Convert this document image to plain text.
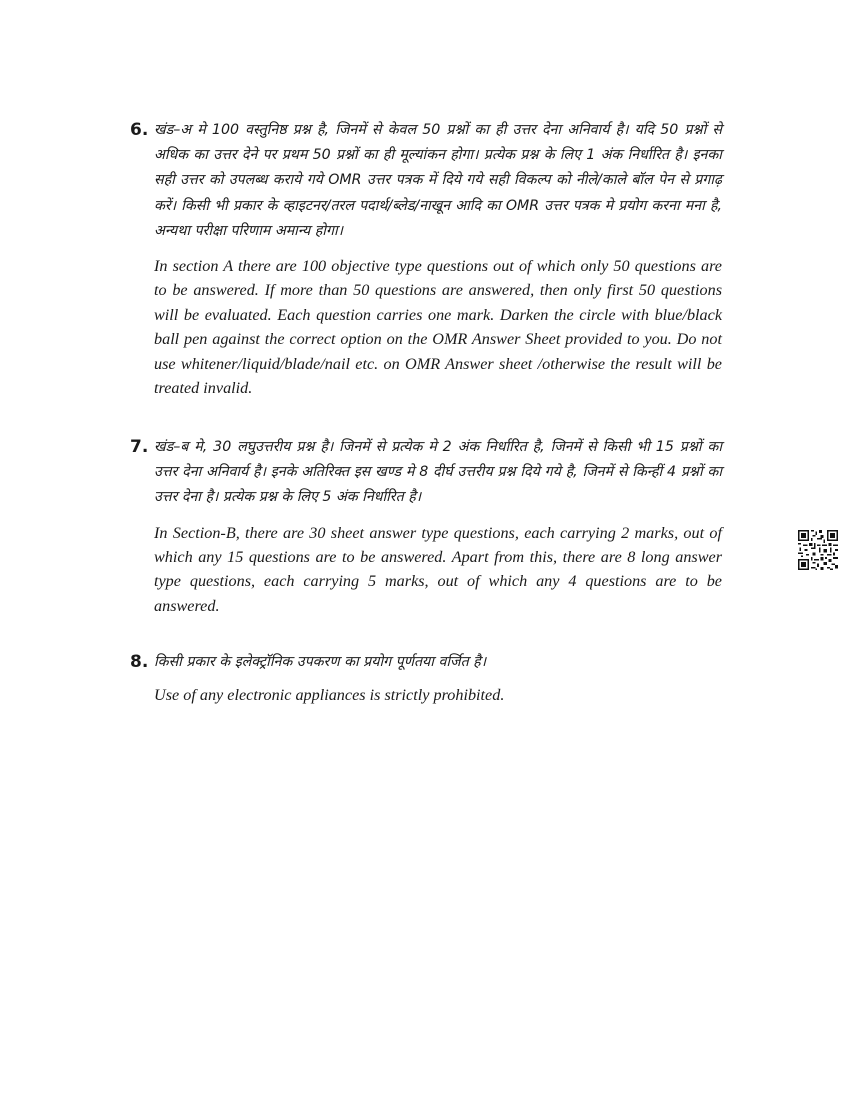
6. खंड–अ मे 100 वस्तुनिष्ठ प्रश्न है, जिनमें से केवल 50 प्रश्नों का ही उत्तर देना अनिवार्य है। यदि 50 प्रश्नों से अधिक का उत्तर देने पर प्रथम 50 प्रश्नों का ही मूल्यांकन होगा। प्रत्येक प्रश्न के लिए 1 अंक निर्धारित है। इनका सही उत्तर को उपलब्ध कराये गये OMR उत्तर पत्रक में दिये गये सही विकल्प को नीले/काले बॉल पेन से प्रगाढ़ करें। किसी भी प्रकार के व्हाइटनर/तरल पदार्थ/ब्लेड/नाखून आदि का OMR उत्तर पत्रक मे प्रयोग करना मना है, अन्यथा परीक्षा परिणाम अमान्य होगा।

In section A there are 100 objective type questions out of which only 50 questions are to be answered. If more than 50 questions are answered, then only first 50 questions will be evaluated. Each question carries one mark. Darken the circle with blue/black ball pen against the correct option on the OMR Answer Sheet provided to you. Do not use whitener/liquid/blade/nail etc. on OMR Answer sheet /otherwise the result will be treated invalid.

7. खंड–ब मे, 30 लघुउत्तरीय प्रश्न है। जिनमें से प्रत्येक मे 2 अंक निर्धारित है, जिनमें से किसी भी 15 प्रश्नों का उत्तर देना अनिवार्य है। इनके अतिरिक्त इस खण्ड मे 8 दीर्घ उत्तरीय प्रश्न दिये गये है, जिनमें से किन्हीं 4 प्रश्नों का उत्तर देना है। प्रत्येक प्रश्न के लिए 5 अंक निर्धारित है।

In Section-B, there are 30 sheet answer type questions, each carrying 2 marks, out of which any 15 questions are to be answered. Apart from this, there are 8 long answer type questions, each carrying 5 marks, out of which any 4 questions are to be answered.

8. किसी प्रकार के इलेक्ट्रॉनिक उपकरण का प्रयोग पूर्णतया वर्जित है।

Use of any electronic appliances is strictly prohibited.
